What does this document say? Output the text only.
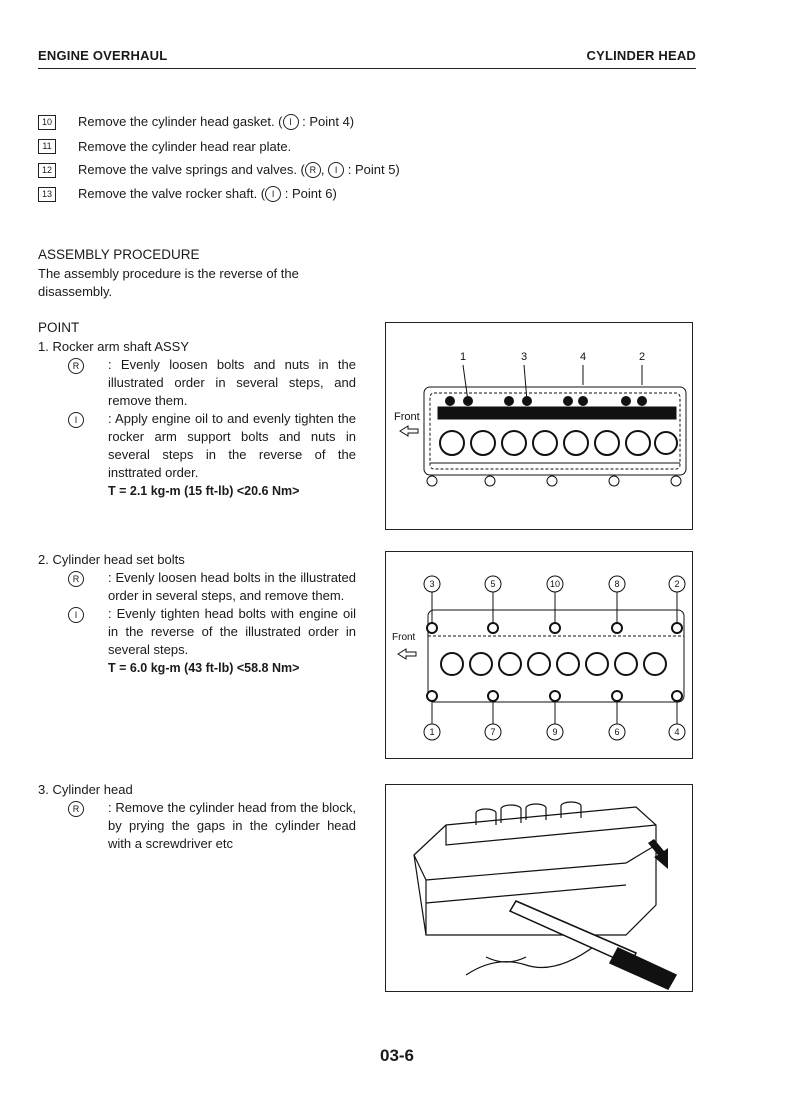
ENGINE OVERHAUL	CYLINDER HEAD
10	Remove the cylinder head gasket. ( I : Point 4)
11	Remove the cylinder head rear plate.
12	Remove the valve springs and valves. ( R , I : Point 5)
13	Remove the valve rocker shaft. ( I : Point 6)
ASSEMBLY PROCEDURE
The assembly procedure is the reverse of the disassembly.
POINT
1. Rocker arm shaft ASSY
R	: Evenly loosen bolts and nuts in the illustrated order in several steps, and remove them.
I	: Apply engine oil to and evenly tighten the rocker arm support bolts and nuts in several steps in the reverse of the insttrated order.
T = 2.1 kg-m (15 ft-lb) <20.6 Nm>
2. Cylinder head set bolts
R	: Evenly loosen head bolts in the illustrated order in several steps, and remove them.
I	: Evenly tighten head bolts with engine oil in the reverse of the illustrated order in several steps.
T = 6.0 kg-m (43 ft-lb) <58.8 Nm>
3. Cylinder head
R	: Remove the cylinder head from the block, by prying the gaps in the cylinder head with a screwdriver etc
1	3	4	2
Front
3	5	10	8	2
1	7	9	6	4
Front
03-6
